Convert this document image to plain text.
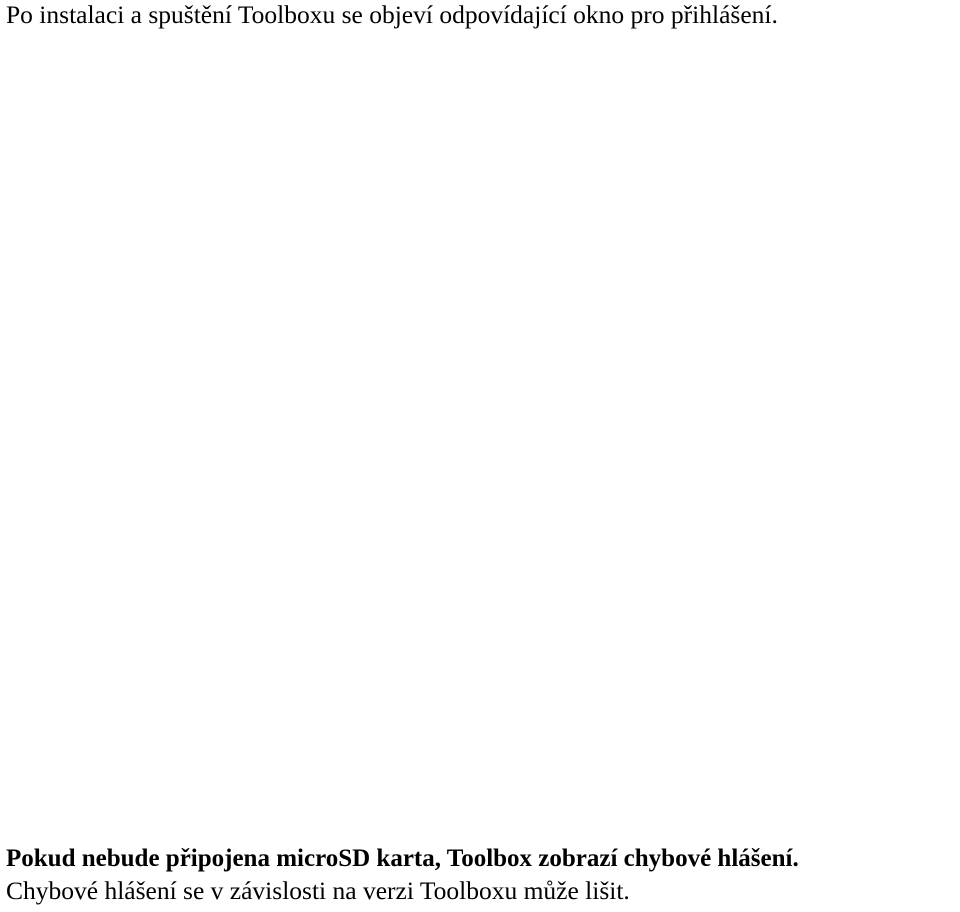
Po instalaci a spuštění Toolboxu se objeví odpovídající okno pro přihlášení.

Pokud nebude připojena microSD karta, Toolbox zobrazí chybové hlášení.

Chybové hlášení se v závislosti na verzi Toolboxu může lišit.
